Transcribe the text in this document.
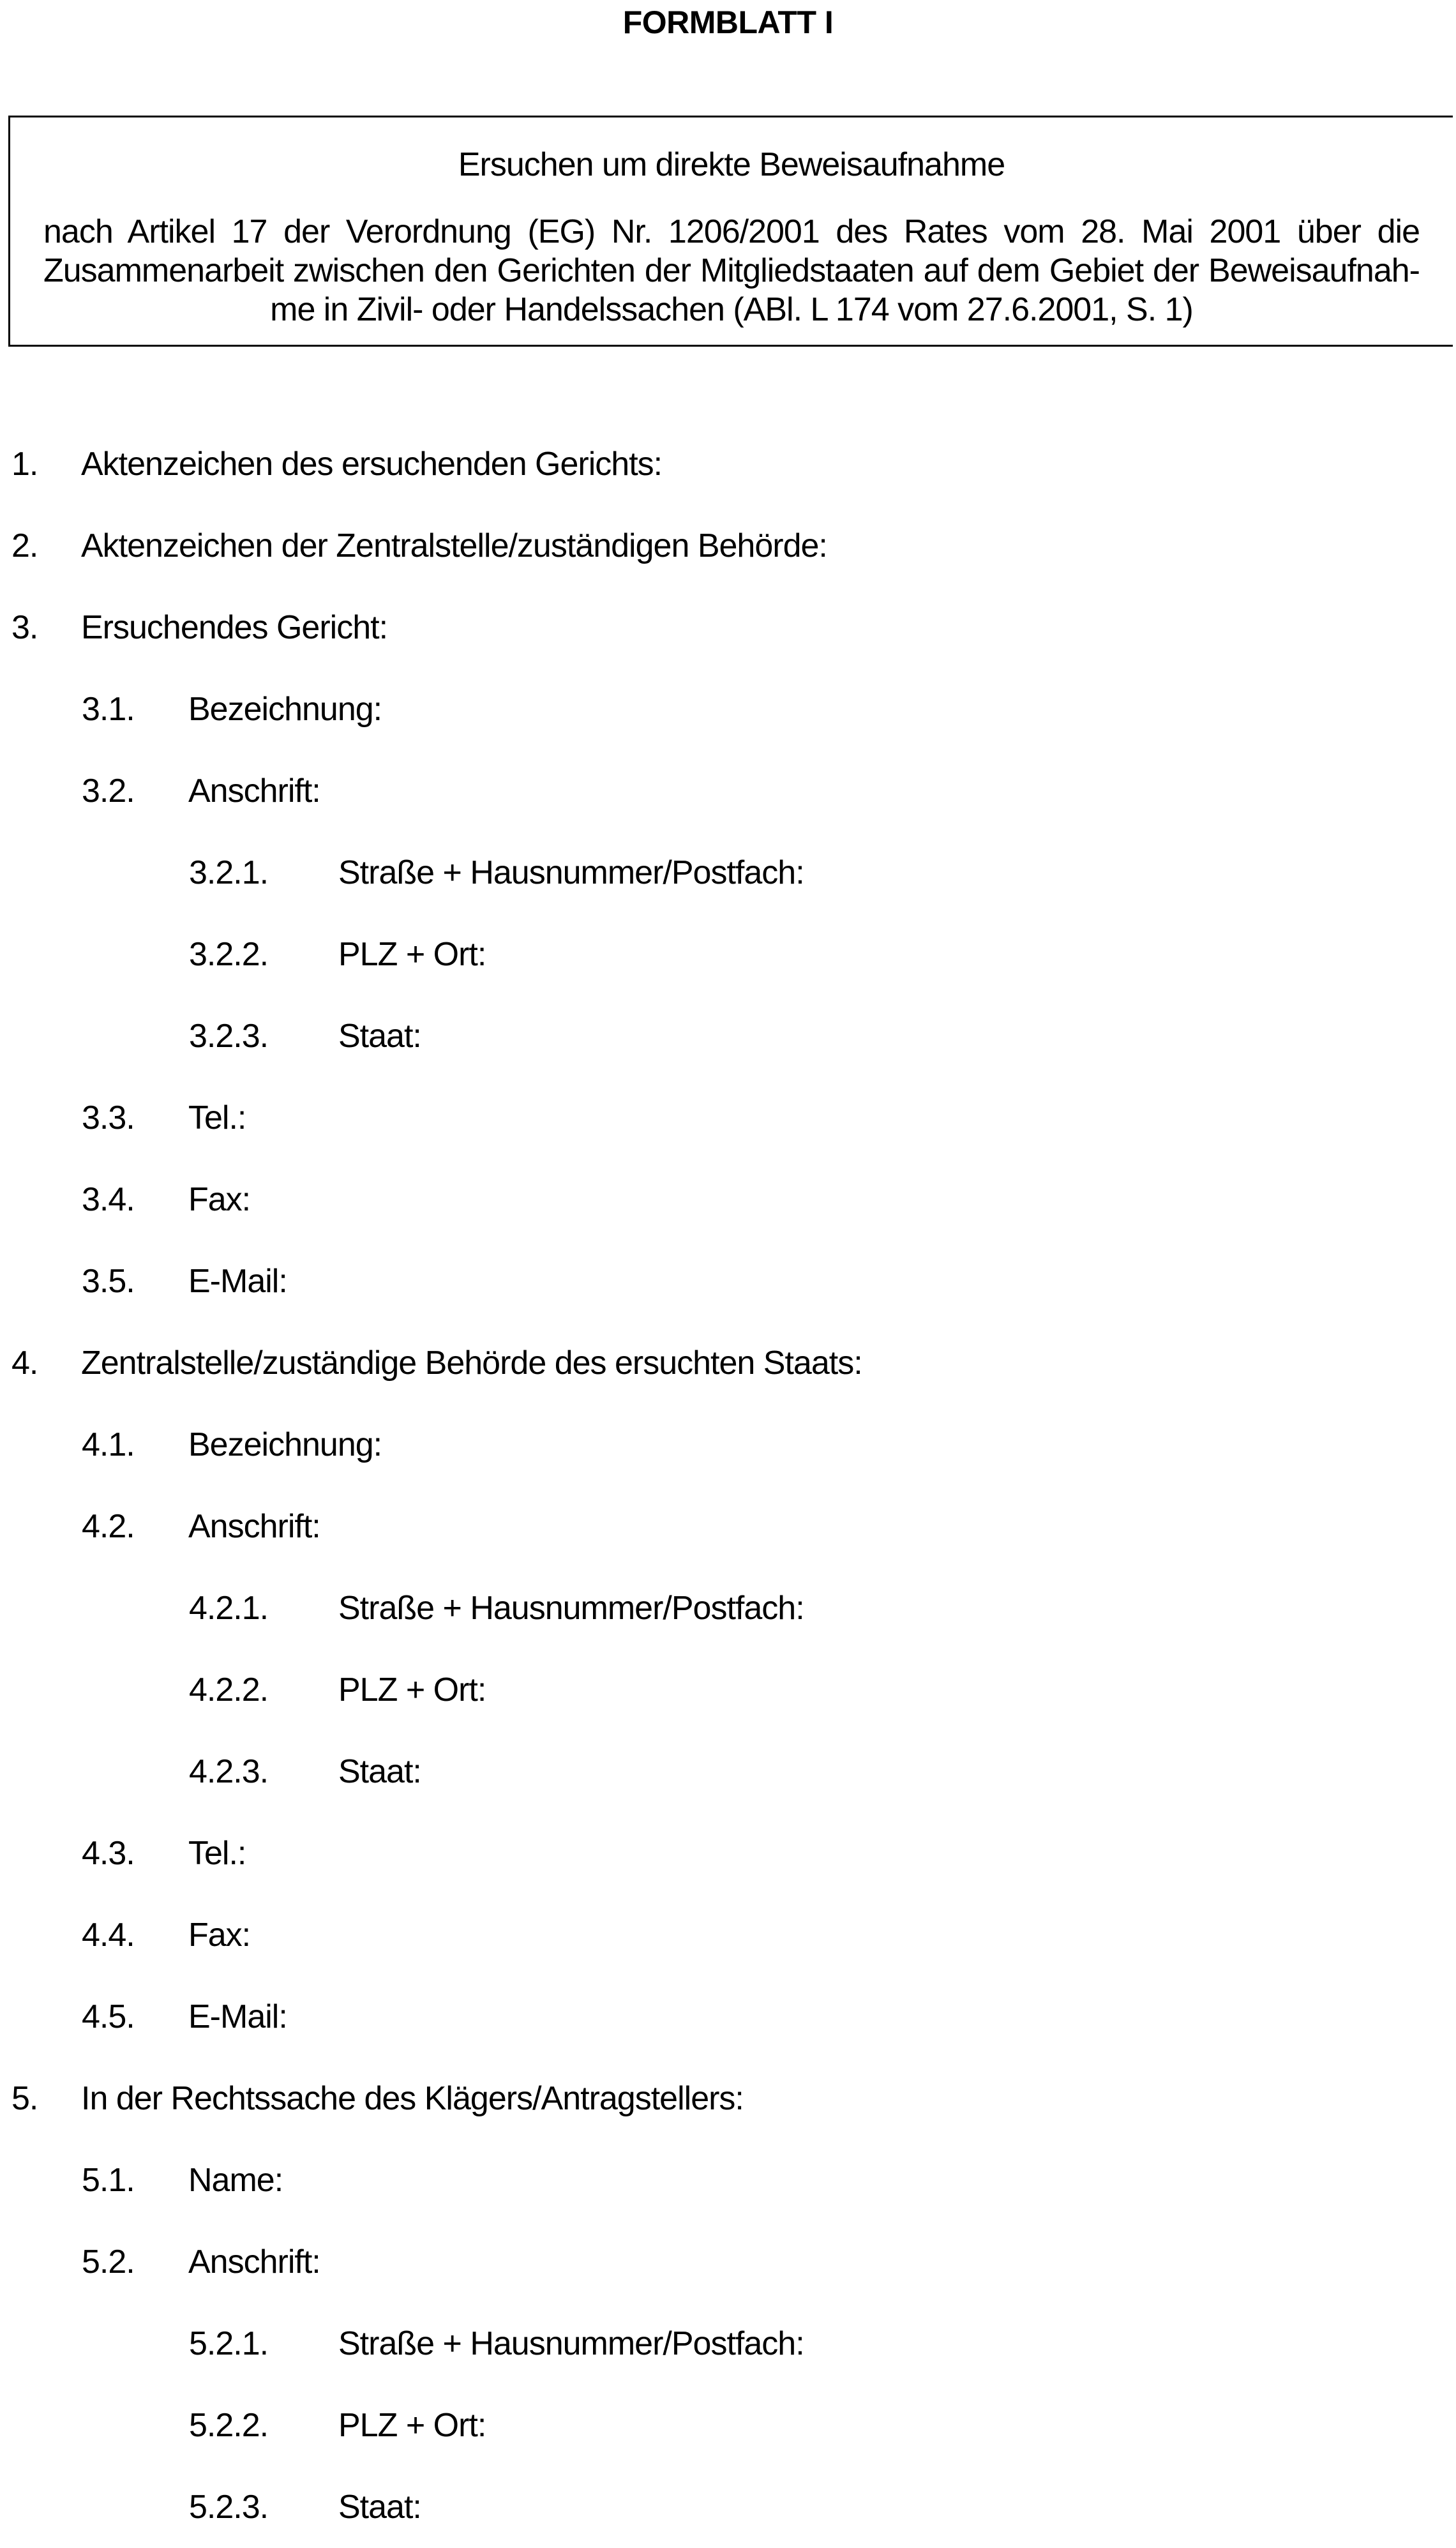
FORMBLATT I
Ersuchen um direkte Beweisaufnahme
nach Artikel 17 der Verordnung (EG) Nr. 1206/2001 des Rates vom 28. Mai 2001 über die
Zusammenarbeit zwischen den Gerichten der Mitgliedstaaten auf dem Gebiet der Beweisaufnah-
me in Zivil- oder Handelssachen (ABl. L 174 vom 27.6.2001, S. 1)
1.	Aktenzeichen des ersuchenden Gerichts:
2.	Aktenzeichen der Zentralstelle/zuständigen Behörde:
3.	Ersuchendes Gericht:
3.1.	Bezeichnung:
3.2.	Anschrift:
3.2.1.	Straße + Hausnummer/Postfach:
3.2.2.	PLZ + Ort:
3.2.3.	Staat:
3.3.	Tel.:
3.4.	Fax:
3.5.	E-Mail:
4.	Zentralstelle/zuständige Behörde des ersuchten Staats:
4.1.	Bezeichnung:
4.2.	Anschrift:
4.2.1.	Straße + Hausnummer/Postfach:
4.2.2.	PLZ + Ort:
4.2.3.	Staat:
4.3.	Tel.:
4.4.	Fax:
4.5.	E-Mail:
5.	In der Rechtssache des Klägers/Antragstellers:
5.1.	Name:
5.2.	Anschrift:
5.2.1.	Straße + Hausnummer/Postfach:
5.2.2.	PLZ + Ort:
5.2.3.	Staat:
